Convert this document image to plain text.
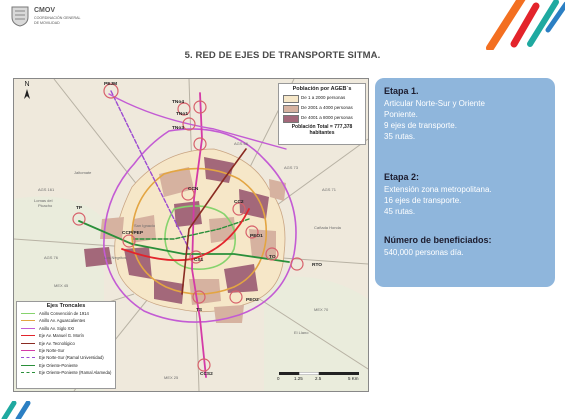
CMOV
COORDINACIÓN GENERAL
DE MOVILIDAD
5. RED DE EJES DE TRANSPORTE SITMA.
PEJM
TNo4
TNo1
TNo3
CCN
CC2
PEO1
TO
RTO
TP
CCP/PEP
CS1
TS
PEO2
CCS2
Lomas del
Picacho
Los Negritos
San Ignacio	Cañada Honda
Jaltomate
El Llano
AGS 66
AGS 73
AGS 161
MEX 45
MEX 70
AGS 71
AGS 76
MEX 25
N
Población por AGEB´s
De 1 a 2000 personas
De 2001 a 4000 personas
De 4001 a 8000 personas
Población Total = 777,378
habitantes
Ejes Troncales
Anillo Convención de 1914
Anillo Av. Aguascalientes
Anillo Av. Siglo XXI
Eje Av. Manuel G. Morín
Eje Av. Tecnológico
Eje Norte-Sur
Eje Norte-Sur (Ramal Universidad)
Eje Oriente-Poniente
Eje Oriente-Poniente (Ramal Alameda)
0	1.25	2.5	5 Km
Etapa 1.
Articular Norte-Sur y Oriente
Poniente.
9 ejes de transporte.
35 rutas.
Etapa 2:
Extensión zona metropolitana.
16 ejes de transporte.
45 rutas.
Número de beneficiados:
540,000 personas día.
